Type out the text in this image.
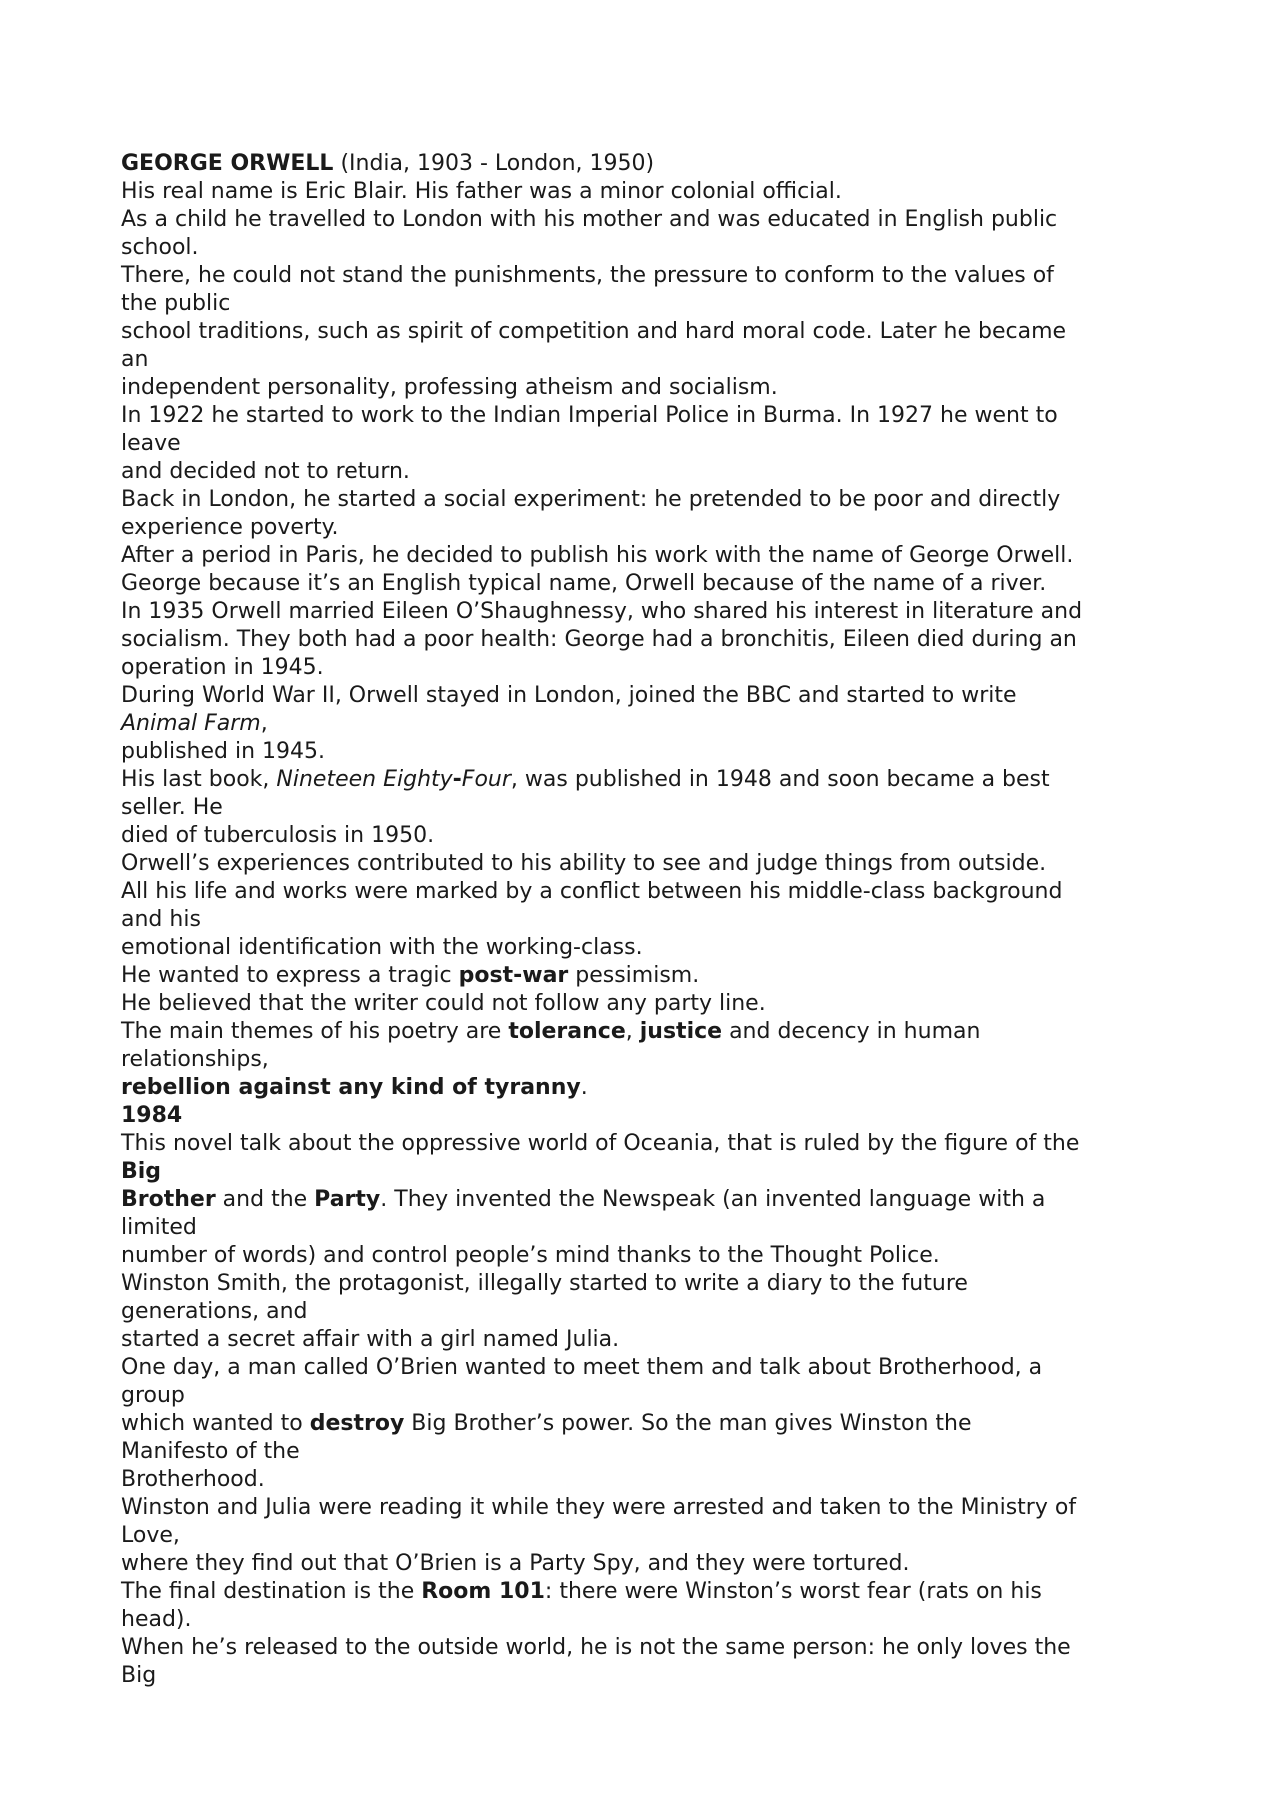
GEORGE ORWELL (India, 1903 - London, 1950)
His real name is Eric Blair. His father was a minor colonial official.
As a child he travelled to London with his mother and was educated in English public
school.
There, he could not stand the punishments, the pressure to conform to the values of
the public
school traditions, such as spirit of competition and hard moral code. Later he became
an
independent personality, professing atheism and socialism.
In 1922 he started to work to the Indian Imperial Police in Burma. In 1927 he went to
leave
and decided not to return.
Back in London, he started a social experiment: he pretended to be poor and directly
experience poverty.
After a period in Paris, he decided to publish his work with the name of George Orwell.
George because it’s an English typical name, Orwell because of the name of a river.
In 1935 Orwell married Eileen O’Shaughnessy, who shared his interest in literature and
socialism. They both had a poor health: George had a bronchitis, Eileen died during an
operation in 1945.
During World War II, Orwell stayed in London, joined the BBC and started to write
Animal Farm,
published in 1945.
His last book, Nineteen Eighty-Four, was published in 1948 and soon became a best
seller. He
died of tuberculosis in 1950.
Orwell’s experiences contributed to his ability to see and judge things from outside.
All his life and works were marked by a conflict between his middle-class background
and his
emotional identification with the working-class.
He wanted to express a tragic post-war pessimism.
He believed that the writer could not follow any party line.
The main themes of his poetry are tolerance, justice and decency in human
relationships,
rebellion against any kind of tyranny.
1984
This novel talk about the oppressive world of Oceania, that is ruled by the figure of the
Big
Brother and the Party. They invented the Newspeak (an invented language with a
limited
number of words) and control people’s mind thanks to the Thought Police.
Winston Smith, the protagonist, illegally started to write a diary to the future
generations, and
started a secret affair with a girl named Julia.
One day, a man called O’Brien wanted to meet them and talk about Brotherhood, a
group
which wanted to destroy Big Brother’s power. So the man gives Winston the
Manifesto of the
Brotherhood.
Winston and Julia were reading it while they were arrested and taken to the Ministry of
Love,
where they find out that O’Brien is a Party Spy, and they were tortured.
The final destination is the Room 101: there were Winston’s worst fear (rats on his
head).
When he’s released to the outside world, he is not the same person: he only loves the
Big
